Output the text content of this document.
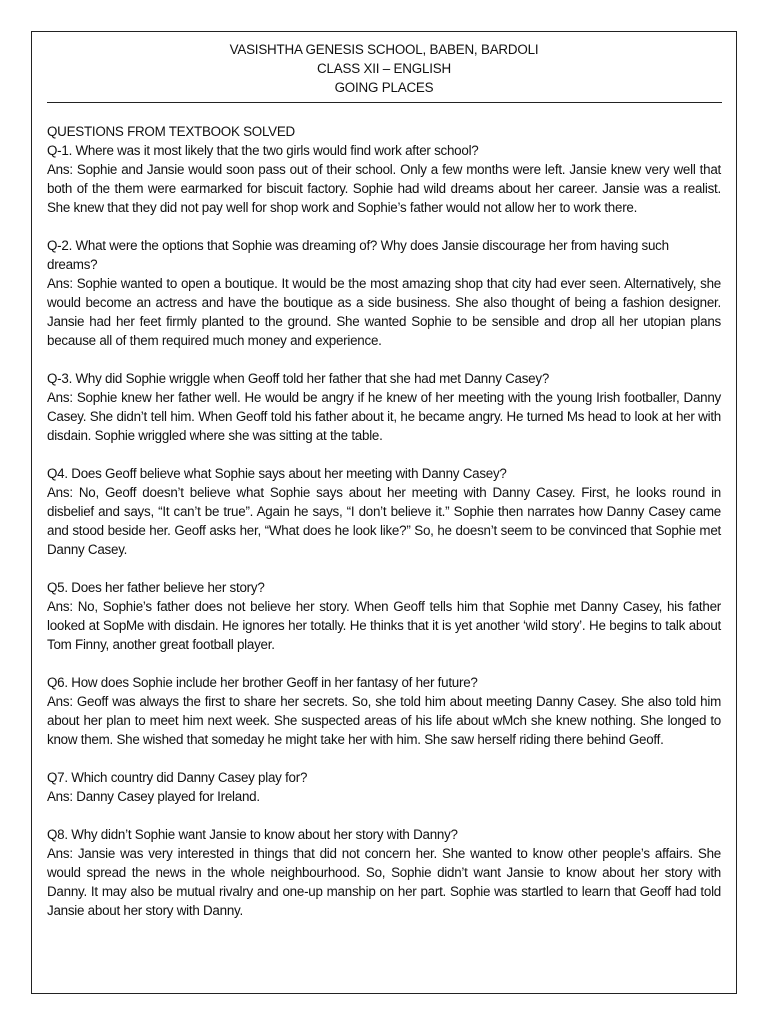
VASISHTHA GENESIS SCHOOL, BABEN, BARDOLI
CLASS XII – ENGLISH
GOING PLACES

QUESTIONS FROM TEXTBOOK SOLVED

Q-1. Where was it most likely that the two girls would find work after school?

Ans: Sophie and Jansie would soon pass out of their school. Only a few months were left. Jansie knew very well that both of the them were earmarked for biscuit factory. Sophie had wild dreams about her career. Jansie was a realist. She knew that they did not pay well for shop work and Sophie’s father would not allow her to work there.

Q-2. What were the options that Sophie was dreaming of? Why does Jansie discourage her from having such dreams?

Ans: Sophie wanted to open a boutique. It would be the most amazing shop that city had ever seen. Alternatively, she would become an actress and have the boutique as a side business. She also thought of being a fashion designer. Jansie had her feet firmly planted to the ground. She wanted Sophie to be sensible and drop all her utopian plans because all of them required much money and experience.

Q-3. Why did Sophie wriggle when Geoff told her father that she had met Danny Casey?

Ans: Sophie knew her father well. He would be angry if he knew of her meeting with the young Irish footballer, Danny Casey. She didn’t tell him. When Geoff told his father about it, he became angry. He turned Ms head to look at her with disdain. Sophie wriggled where she was sitting at the table.

Q4. Does Geoff believe what Sophie says about her meeting with Danny Casey?

Ans: No, Geoff doesn’t believe what Sophie says about her meeting with Danny Casey. First, he looks round in disbelief and says, “It can’t be true”. Again he says, “I don’t believe it.” Sophie then narrates how Danny Casey came and stood beside her. Geoff asks her, “What does he look like?” So, he doesn’t seem to be convinced that Sophie met Danny Casey.

Q5. Does her father believe her story?

Ans: No, Sophie’s father does not believe her story. When Geoff tells him that Sophie met Danny Casey, his father looked at SopMe with disdain. He ignores her totally. He thinks that it is yet another ‘wild story’. He begins to talk about Tom Finny, another great football player.

Q6. How does Sophie include her brother Geoff in her fantasy of her future?

Ans: Geoff was always the first to share her secrets. So, she told him about meeting Danny Casey. She also told him about her plan to meet him next week. She suspected areas of his life about wMch she knew nothing. She longed to know them. She wished that someday he might take her with him. She saw herself riding there behind Geoff.

Q7. Which country did Danny Casey play for?

Ans: Danny Casey played for Ireland.

Q8. Why didn’t Sophie want Jansie to know about her story with Danny?

Ans: Jansie was very interested in things that did not concern her. She wanted to know other people’s affairs. She would spread the news in the whole neighbourhood. So, Sophie didn’t want Jansie to know about her story with Danny. It may also be mutual rivalry and one-up manship on her part. Sophie was startled to learn that Geoff had told Jansie about her story with Danny.
